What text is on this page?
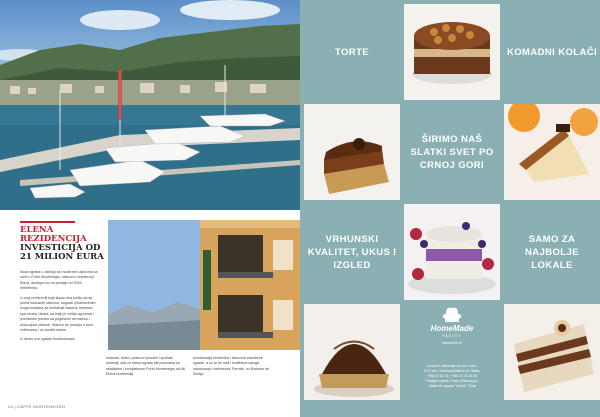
ELENA REZIDENCIJA
INVESTICIJA OD 21 MILION EURA

Nova zgrada u zaledju sa modernim uslovima za zivot u Porto Montenegro, stanovi u rezidenciji Elena, dostupni su na prodaju od 2016. nekretnina.

U ovoj rezidenciji koja kupac ima priliku da se, pored luksuznih stanova, nagradi i jedinstvenim mogucnostima za koristenje bazena, teretane, spa centra i kluba, od kojih je velika ogromna i jedinstveni prostor sa pogledom na marinu i okruzujuce planine. Stanovi se prodaju u svim velicinama i uz kredite banke.

U okviru ove zgrade funkcionisace

restoran, butici, poslovni prostori i sportski sadrzaji, dok ce sama zgrada biti povezana sa setalistem i kompleksom Porto Montenegro od 86 Elena rezidencija
kombinacija zimovnika i luksuzne stambene zgrade, a uz to se nudi i kvalitetna usluga odrzavanja i nekretnina, Perovic, uz Borisom de Senija.
24 | CAFFE MONTENEGRO
TORTE	KOMADNI KOLAČI
ŠIRIMO NAŠ SLATKI SVET PO CRNOJ GORI
VRHUNSKI KVALITET, UKUS I IZGLED
SAMO ZA NAJBOLJE LOKALE
HomeMade
PASTRY
www.hmm.rs
Uvoznik i distributer za Crnu Goru:
NTC doo, Veselina Masleše 15, Nikšić
+382 40 81 51 | +382 40 21 56 25
Prodajno mjesto: Porto Montenegro,
Obala bb, zgrada "Ocean", Tivat
